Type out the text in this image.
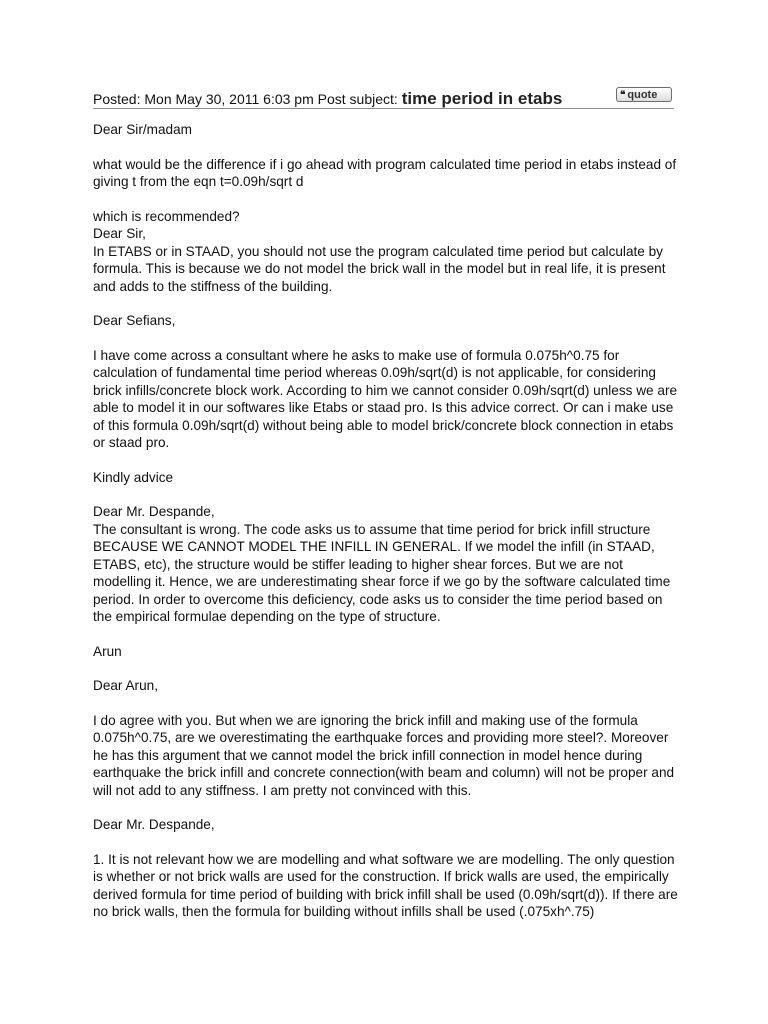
Posted: Mon May 30, 2011 6:03 pm Post subject: time period in etabs	❝ quote

Dear Sir/madam

what would be the difference if i go ahead with program calculated time period in etabs instead of giving t from the eqn t=0.09h/sqrt d

which is recommended?

Dear Sir,

In ETABS or in STAAD, you should not use the program calculated time period but calculate by formula. This is because we do not model the brick wall in the model but in real life, it is present and adds to the stiffness of the building.

Dear Sefians,

I have come across a consultant where he asks to make use of formula 0.075h^0.75 for calculation of fundamental time period whereas 0.09h/sqrt(d) is not applicable, for considering brick infills/concrete block work. According to him we cannot consider 0.09h/sqrt(d) unless we are able to model it in our softwares like Etabs or staad pro. Is this advice correct. Or can i make use of this formula 0.09h/sqrt(d) without being able to model brick/concrete block connection in etabs or staad pro.

Kindly advice

Dear Mr. Despande,

The consultant is wrong. The code asks us to assume that time period for brick infill structure BECAUSE WE CANNOT MODEL THE INFILL IN GENERAL. If we model the infill (in STAAD, ETABS, etc), the structure would be stiffer leading to higher shear forces. But we are not modelling it. Hence, we are underestimating shear force if we go by the software calculated time period. In order to overcome this deficiency, code asks us to consider the time period based on the empirical formulae depending on the type of structure.

Arun

Dear Arun,

I do agree with you. But when we are ignoring the brick infill and making use of the formula 0.075h^0.75, are we overestimating the earthquake forces and providing more steel?. Moreover he has this argument that we cannot model the brick infill connection in model hence during earthquake the brick infill and concrete connection(with beam and column) will not be proper and will not add to any stiffness. I am pretty not convinced with this.

Dear Mr. Despande,

1. It is not relevant how we are modelling and what software we are modelling. The only question is whether or not brick walls are used for the construction. If brick walls are used, the empirically derived formula for time period of building with brick infill shall be used (0.09h/sqrt(d)). If there are no brick walls, then the formula for building without infills shall be used (.075xh^.75)
